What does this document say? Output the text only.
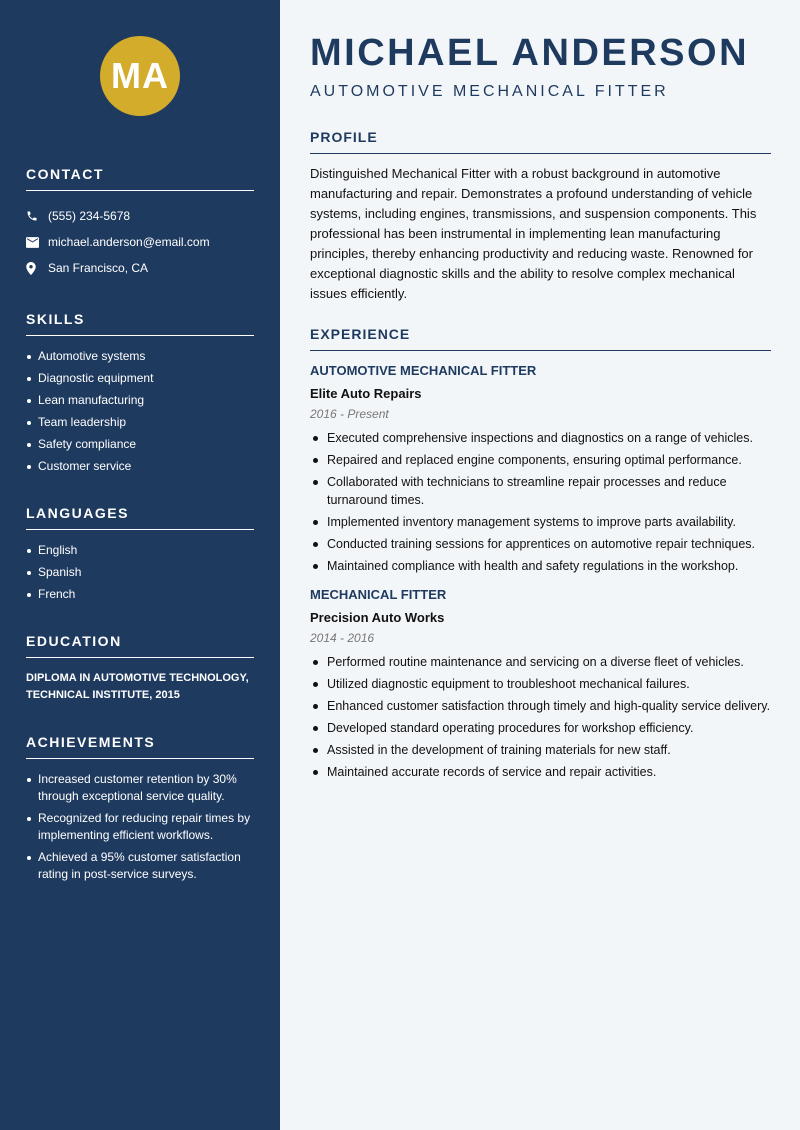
MA
CONTACT
(555) 234-5678
michael.anderson@email.com
San Francisco, CA
SKILLS
Automotive systems
Diagnostic equipment
Lean manufacturing
Team leadership
Safety compliance
Customer service
LANGUAGES
English
Spanish
French
EDUCATION
DIPLOMA IN AUTOMOTIVE TECHNOLOGY, TECHNICAL INSTITUTE, 2015
ACHIEVEMENTS
Increased customer retention by 30% through exceptional service quality.
Recognized for reducing repair times by implementing efficient workflows.
Achieved a 95% customer satisfaction rating in post-service surveys.
MICHAEL ANDERSON
AUTOMOTIVE MECHANICAL FITTER
PROFILE

Distinguished Mechanical Fitter with a robust background in automotive manufacturing and repair. Demonstrates a profound understanding of vehicle systems, including engines, transmissions, and suspension components. This professional has been instrumental in implementing lean manufacturing principles, thereby enhancing productivity and reducing waste. Renowned for exceptional diagnostic skills and the ability to resolve complex mechanical issues efficiently.

EXPERIENCE
AUTOMOTIVE MECHANICAL FITTER
Elite Auto Repairs
2016 - Present
Executed comprehensive inspections and diagnostics on a range of vehicles.
Repaired and replaced engine components, ensuring optimal performance.
Collaborated with technicians to streamline repair processes and reduce turnaround times.
Implemented inventory management systems to improve parts availability.
Conducted training sessions for apprentices on automotive repair techniques.
Maintained compliance with health and safety regulations in the workshop.
MECHANICAL FITTER
Precision Auto Works
2014 - 2016
Performed routine maintenance and servicing on a diverse fleet of vehicles.
Utilized diagnostic equipment to troubleshoot mechanical failures.
Enhanced customer satisfaction through timely and high-quality service delivery.
Developed standard operating procedures for workshop efficiency.
Assisted in the development of training materials for new staff.
Maintained accurate records of service and repair activities.
